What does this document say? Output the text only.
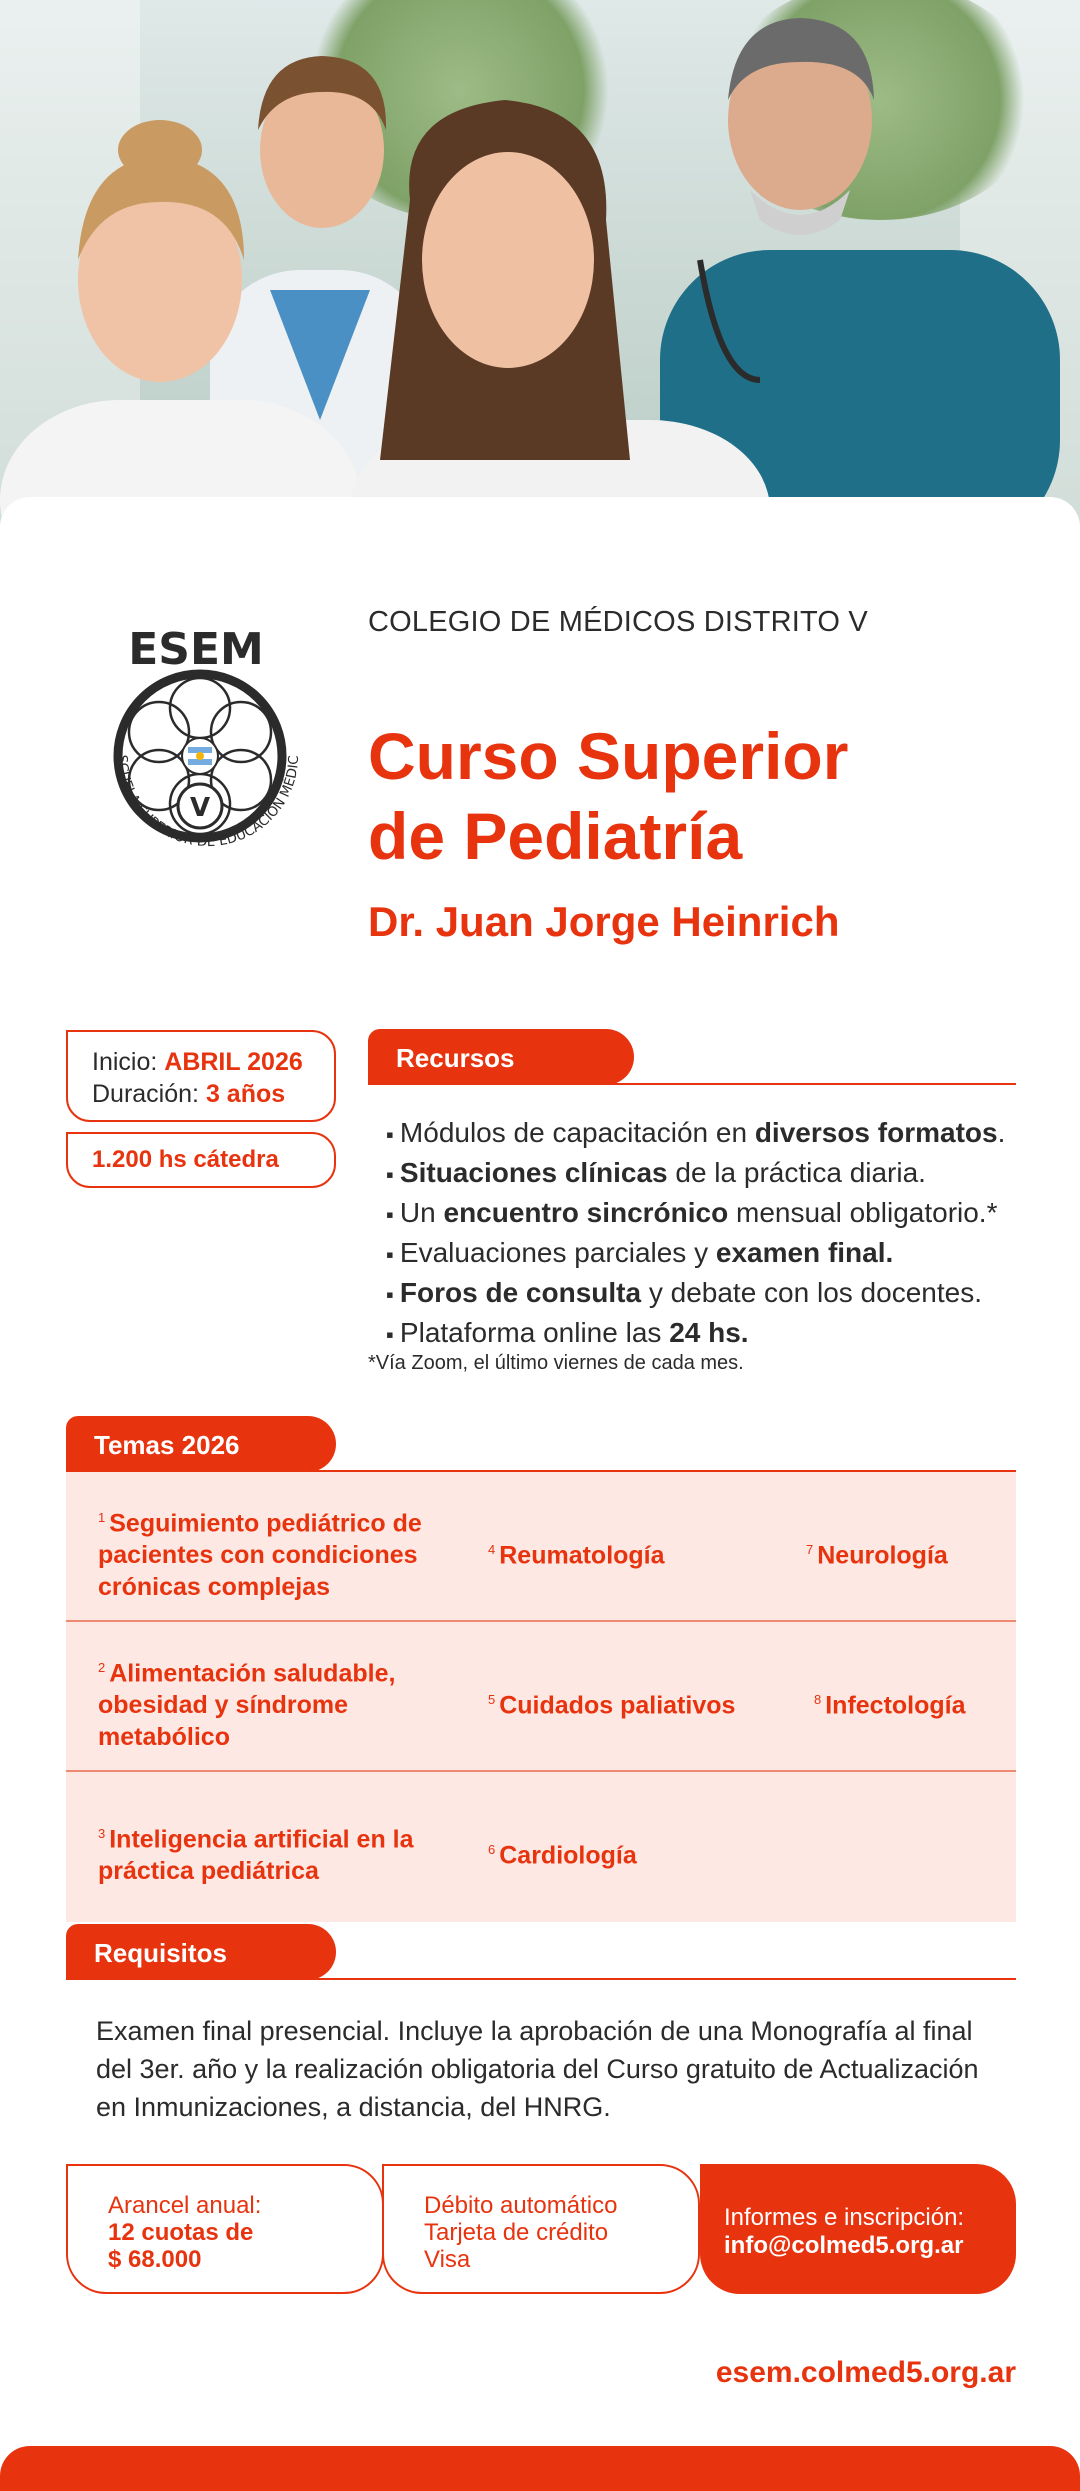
ESEM
V
SCUELA SUPERIOR DE EDUCACIÓN MÉDIC
COLEGIO DE MÉDICOS DISTRITO V
Curso Superior
de Pediatría
Dr. Juan Jorge Heinrich
Inicio: ABRIL 2026
Duración: 3 años
1.200 hs cátedra
Recursos
▪ Módulos de capacitación en diversos formatos.
▪ Situaciones clínicas de la práctica diaria.
▪ Un encuentro sincrónico mensual obligatorio.*
▪ Evaluaciones parciales y examen final.
▪ Foros de consulta y debate con los docentes.
▪ Plataforma online las 24 hs.
*Vía Zoom, el último viernes de cada mes.
Temas 2026
$^1$ Seguimiento pediátrico de pacientes con condiciones crónicas complejas
$^4$ Reumatología	$^7$ Neurología
$^2$ Alimentación saludable, obesidad y síndrome metabólico
$^5$ Cuidados paliativos	$^8$ Infectología
$^3$ Inteligencia artificial en la práctica pediátrica
$^6$ Cardiología
Requisitos
Examen final presencial. Incluye la aprobación de una Monografía al final del 3er. año y la realización obligatoria del Curso gratuito de Actualización en Inmunizaciones, a distancia, del HNRG.
Arancel anual:
12 cuotas de
$ 68.000
Débito automático
Tarjeta de crédito
Visa
Informes e inscripción:
info@colmed5.org.ar
esem.colmed5.org.ar
